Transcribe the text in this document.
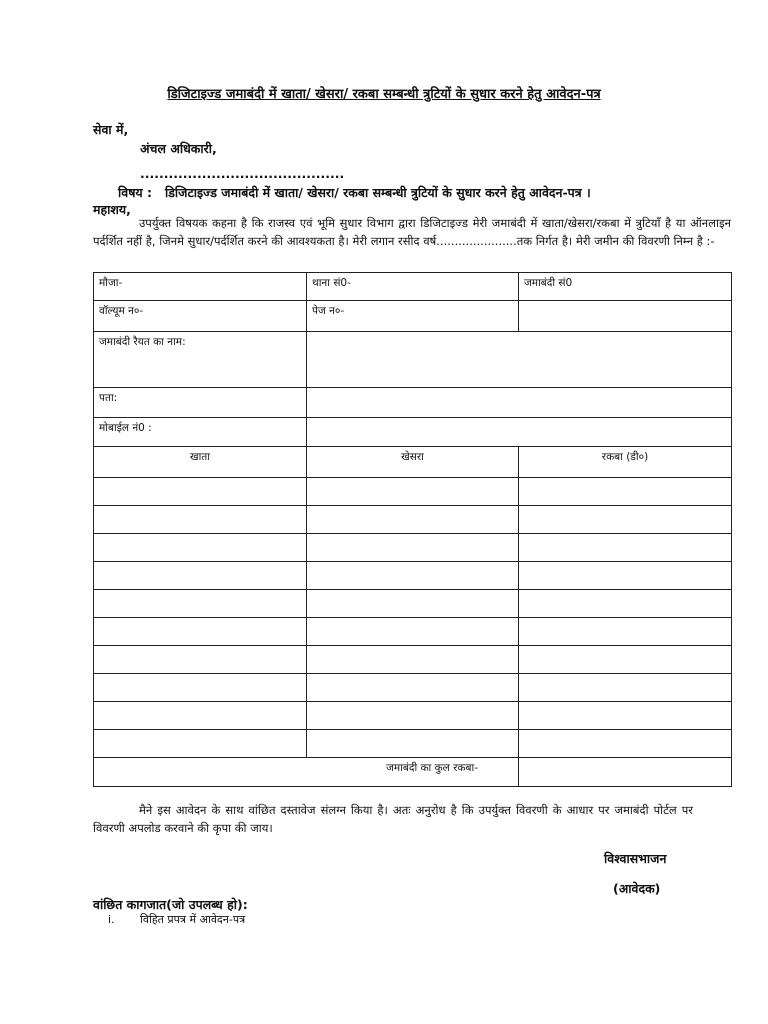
डिजिटाइज्ड जमाबंदी में खाता/ खेसरा/ रकबा सम्बन्धी त्रुटियों के सुधार करने हेतु आवेदन-पत्र
सेवा में,
अंचल अधिकारी,
...........................................
विषय : डिजिटाइज्ड जमाबंदी में खाता/ खेसरा/ रकबा सम्बन्धी त्रुटियों के सुधार करने हेतु आवेदन-पत्र ।
महाशय,
उपर्युक्त विषयक कहना है कि राजस्व एवं भूमि सुधार विभाग द्वारा डिजिटाइज्ड मेरी जमाबंदी में खाता/खेसरा/रकबा में त्रुटियाँ है या ऑनलाइन पर्दर्शित नहीं है, जिनमे सुधार/पर्दर्शित करने की आवश्यकता है। मेरी लगान रसीद वर्ष......................तक निर्गत है। मेरी जमीन की विवरणी निम्न है :-
मौजा-	थाना सं0-	जमाबंदी सं0
वॉल्यूम न०-	पेज न०-	
जमाबंदी रैयत का नाम:		
पता:		
मोबाईल नं0 :		
खाता	खेसरा	रकबा (डी०)

जमाबंदी का कुल रकबा-		
मैने इस आवेदन के साथ वांछित दस्तावेज संलग्न किया है। अतः अनुरोध है कि उपर्युक्त विवरणी के आधार पर जमाबंदी पोर्टल पर विवरणी अपलोड करवाने की कृपा की जाय।
विश्वासभाजन
(आवेदक)
वांछित कागजात(जो उपलब्ध हो):
i. विहित प्रपत्र में आवेदन-पत्र
